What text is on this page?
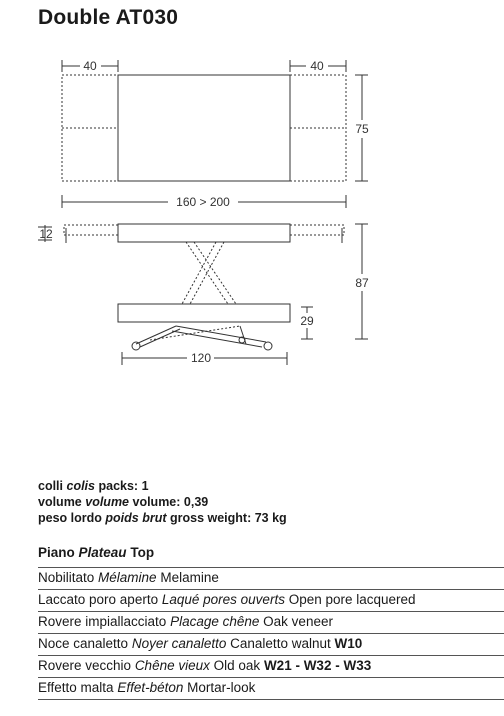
Double AT030
40	40
75
160 > 200
12
87
29
120
colli colis packs: 1
volume volume volume: 0,39
peso lordo poids brut gross weight: 73 kg
Piano Plateau Top
Nobilitato Mélamine Melamine
Laccato poro aperto Laqué pores ouverts Open pore lacquered
Rovere impiallacciato Placage chêne Oak veneer
Noce canaletto Noyer canaletto Canaletto walnut W10
Rovere vecchio Chêne vieux Old oak W21 - W32 - W33
Effetto malta Effet-béton Mortar-look
